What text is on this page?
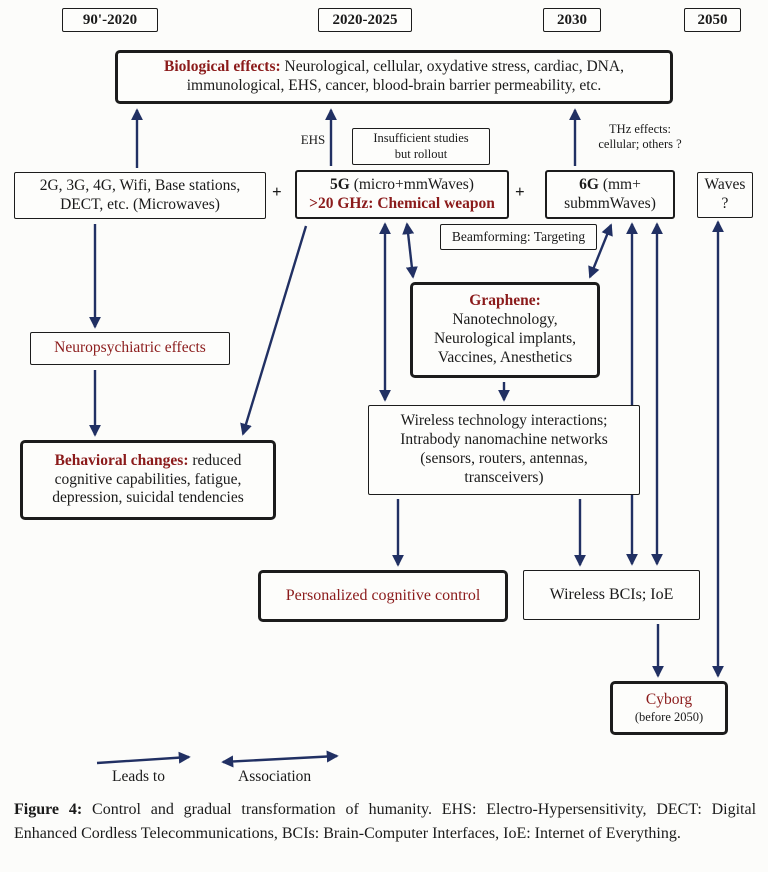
90'-2020	2020-2025	2030	2050
Biological effects: Neurological, cellular, oxydative stress, cardiac, DNA, immunological, EHS, cancer, blood-brain barrier permeability, etc.
EHS	Insufficient studies
but rollout
THz effects:
cellular; others ?
2G, 3G, 4G, Wifi, Base stations,
DECT, etc. (Microwaves)
+	5G (micro+mmWaves)
>20 GHz: Chemical weapon
+	6G (mm+
submmWaves)
Waves
?
Beamforming: Targeting
Graphene:
Nanotechnology,
Neurological implants,
Vaccines, Anesthetics
Neuropsychiatric effects
Behavioral changes: reduced cognitive capabilities, fatigue, depression, suicidal tendencies
Wireless technology interactions;
Intrabody nanomachine networks
(sensors, routers, antennas,
transceivers)
Personalized cognitive control	Wireless BCIs; IoE
Cyborg
(before 2050)
Leads to	Association

Figure 4: Control and gradual transformation of humanity. EHS: Electro-Hypersensitivity, DECT: Digital Enhanced Cordless Telecommunications, BCIs: Brain-Computer Interfaces, IoE: Internet of Everything.
